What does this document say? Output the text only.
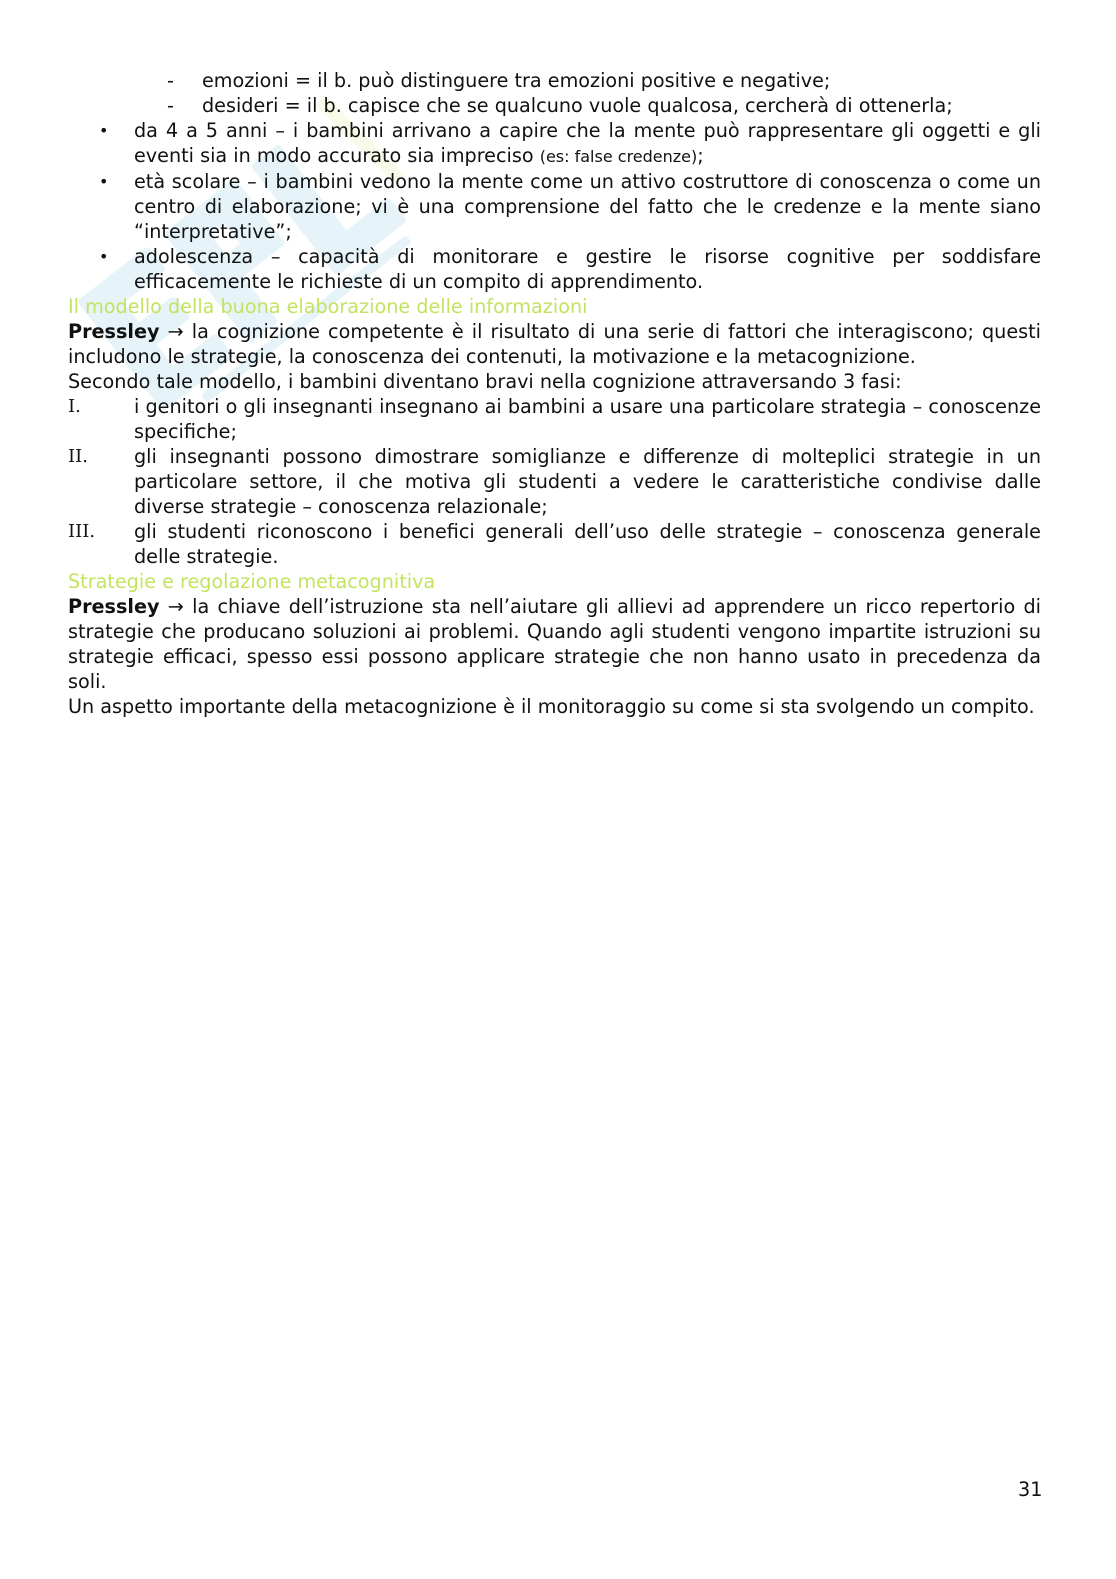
- emozioni = il b. può distinguere tra emozioni positive e negative;

- desideri = il b. capisce che se qualcuno vuole qualcosa, cercherà di ottenerla;

• da 4 a 5 anni – i bambini arrivano a capire che la mente può rappresentare gli oggetti e gli eventi sia in modo accurato sia impreciso (es: false credenze);

• età scolare – i bambini vedono la mente come un attivo costruttore di conoscenza o come un centro di elaborazione; vi è una comprensione del fatto che le credenze e la mente siano “interpretative”;

• adolescenza – capacità di monitorare e gestire le risorse cognitive per soddisfare efficacemente le richieste di un compito di apprendimento.

Il modello della buona elaborazione delle informazioni

Pressley → la cognizione competente è il risultato di una serie di fattori che interagiscono; questi includono le strategie, la conoscenza dei contenuti, la motivazione e la metacognizione.

Secondo tale modello, i bambini diventano bravi nella cognizione attraversando 3 fasi:

I.	i genitori o gli insegnanti insegnano ai bambini a usare una particolare strategia – conoscenze specifiche;

II.	gli insegnanti possono dimostrare somiglianze e differenze di molteplici strategie in un particolare settore, il che motiva gli studenti a vedere le caratteristiche condivise dalle diverse strategie – conoscenza relazionale;

III. gli studenti riconoscono i benefici generali dell’uso delle strategie – conoscenza generale delle strategie.

Strategie e regolazione metacognitiva

Pressley → la chiave dell’istruzione sta nell’aiutare gli allievi ad apprendere un ricco repertorio di strategie che producano soluzioni ai problemi. Quando agli studenti vengono impartite istruzioni su strategie efficaci, spesso essi possono applicare strategie che non hanno usato in precedenza da soli.

Un aspetto importante della metacognizione è il monitoraggio su come si sta svolgendo un compito.

31
